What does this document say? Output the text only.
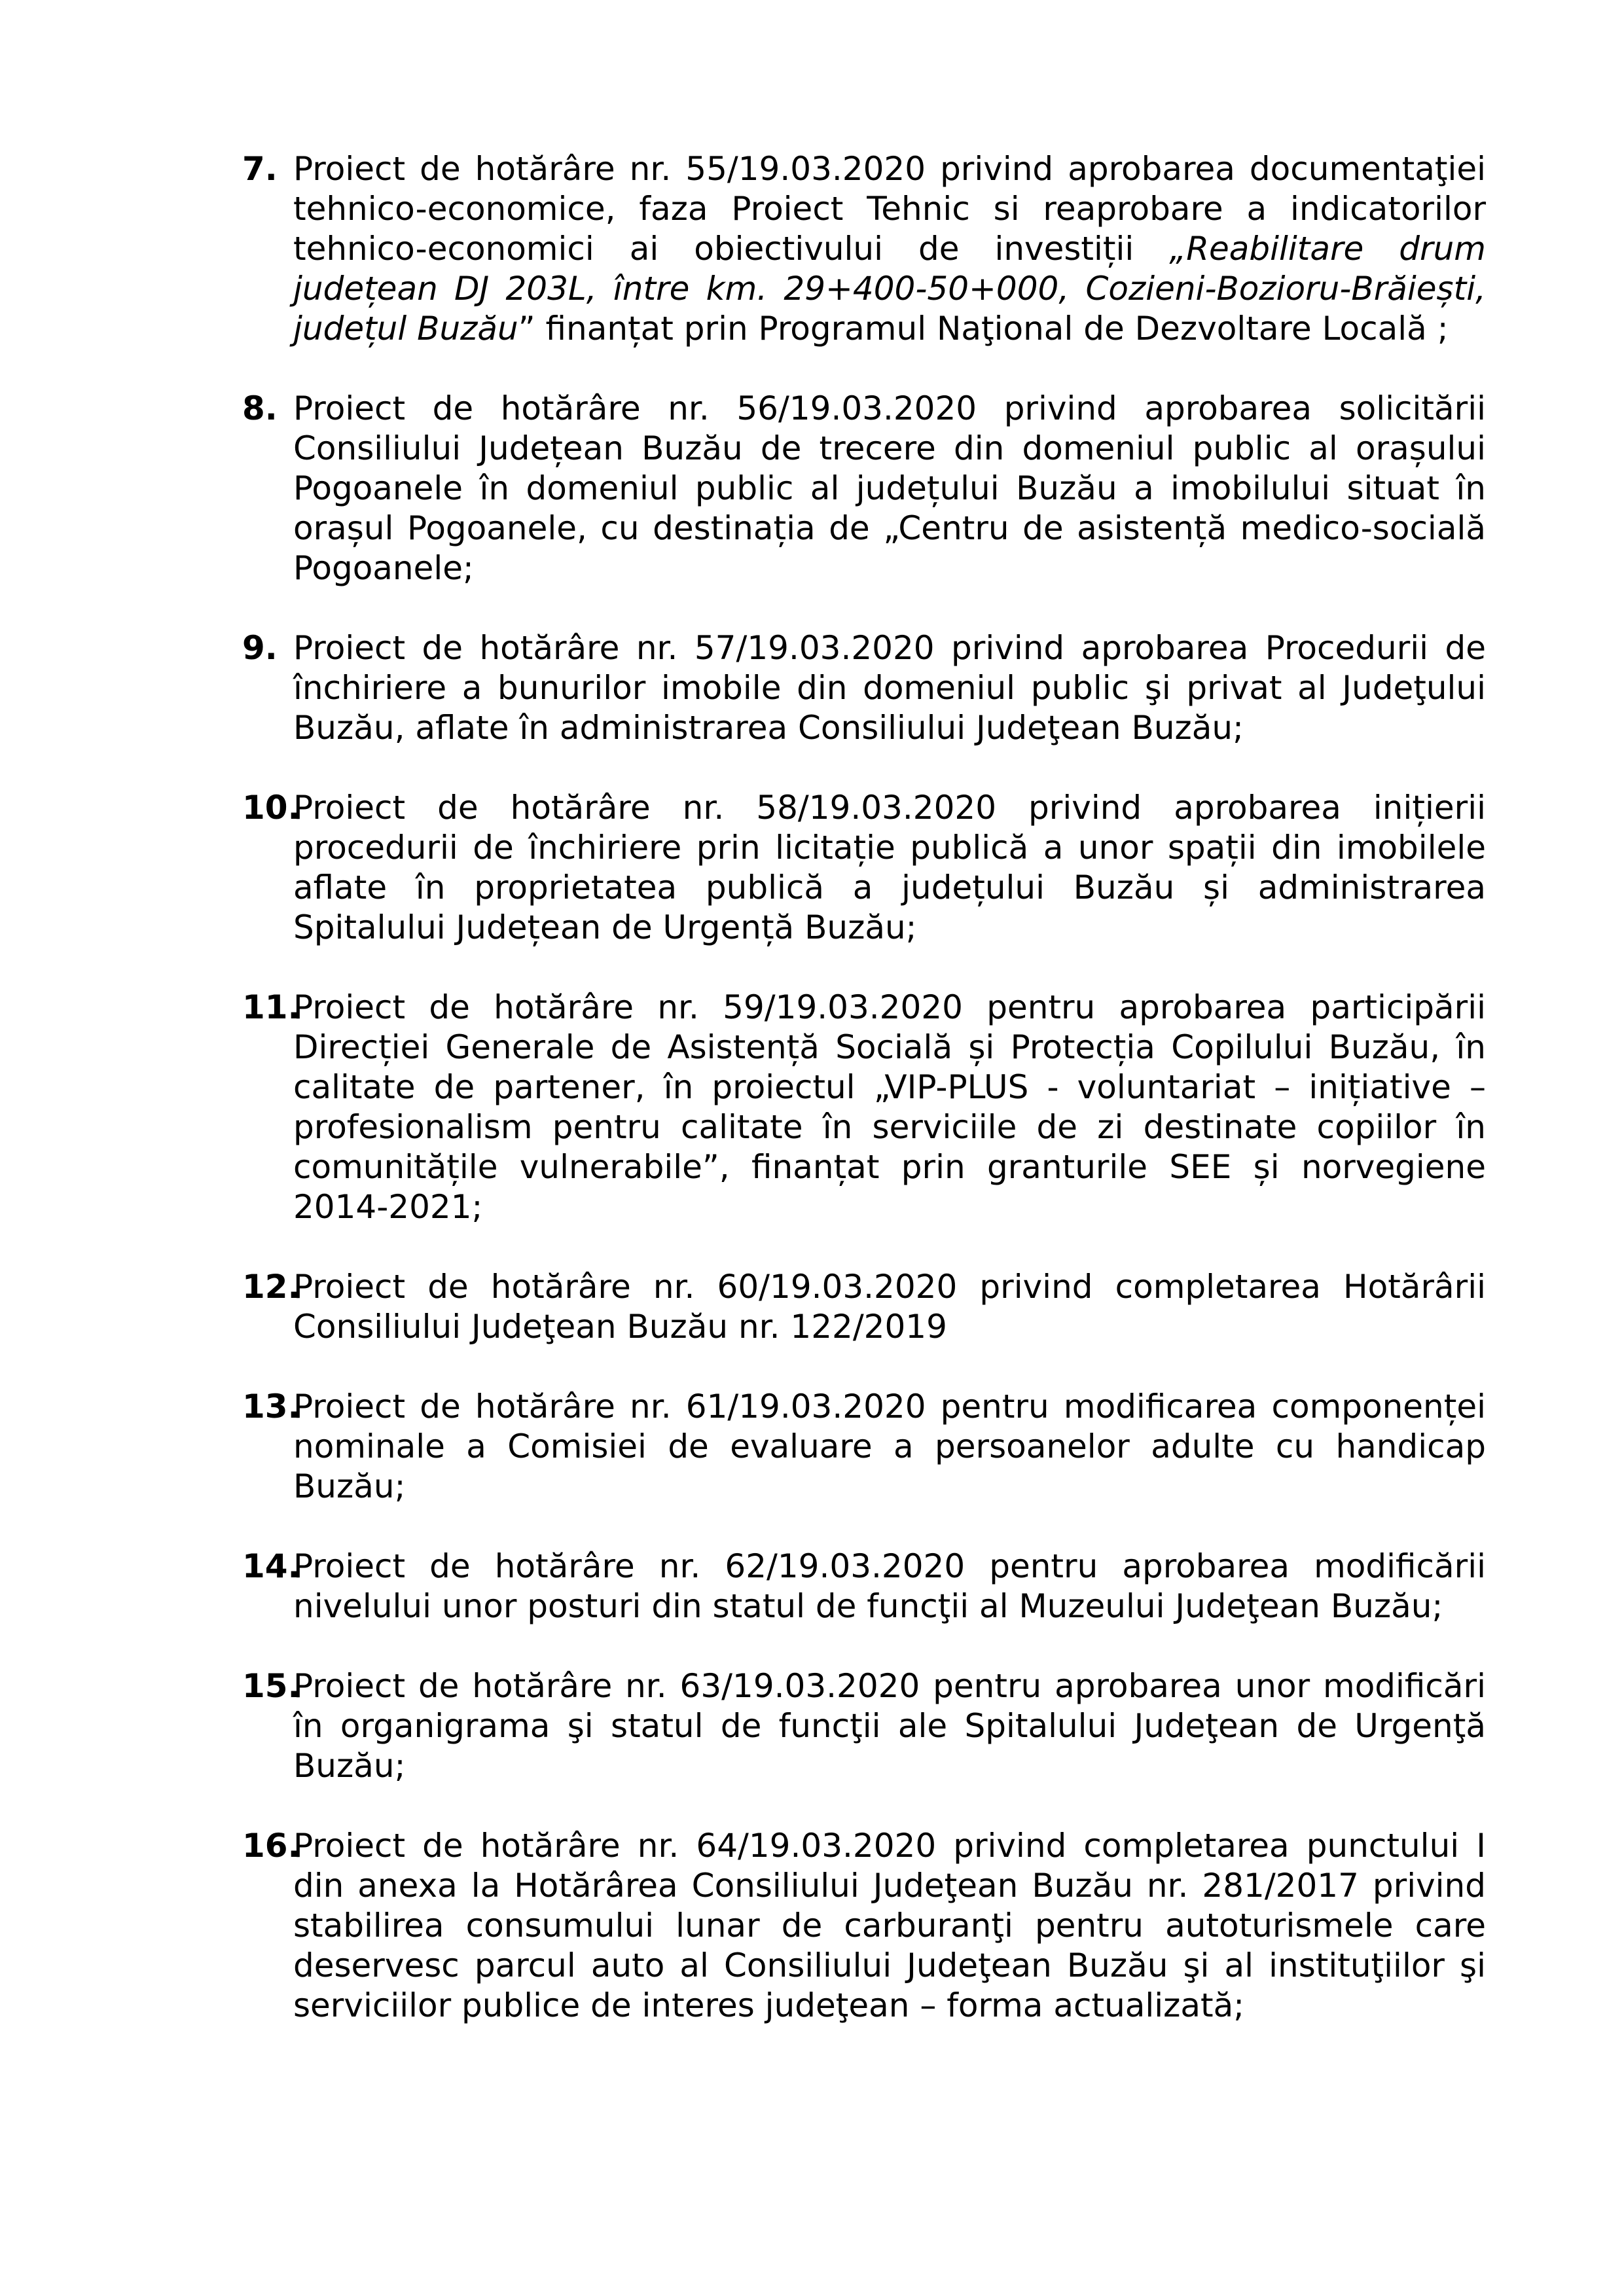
7. Proiect de hotărâre nr. 55/19.03.2020 privind aprobarea documentaţiei tehnico-economice, faza Proiect Tehnic si reaprobare a indicatorilor tehnico-economici ai obiectivului de investiții „Reabilitare drum județean DJ 203L, între km. 29+400-50+000, Cozieni-Bozioru-Brăiești, județul Buzău” finanțat prin Programul Naţional de Dezvoltare Locală ;
8. Proiect de hotărâre nr. 56/19.03.2020 privind aprobarea solicitării Consiliului Județean Buzău de trecere din domeniul public al orașului Pogoanele în domeniul public al județului Buzău a imobilului situat în orașul Pogoanele, cu destinația de „Centru de asistență medico-socială Pogoanele;
9. Proiect de hotărâre nr. 57/19.03.2020 privind aprobarea Procedurii de închiriere a bunurilor imobile din domeniul public şi privat al Judeţului Buzău, aflate în administrarea Consiliului Judeţean Buzău;
10.
Proiect de hotărâre nr. 58/19.03.2020 privind aprobarea inițierii procedurii de închiriere prin licitație publică a unor spații din imobilele aflate în proprietatea publică a județului Buzău și administrarea Spitalului Județean de Urgență Buzău;
11.
Proiect de hotărâre nr. 59/19.03.2020 pentru aprobarea participării Direcției Generale de Asistență Socială și Protecția Copilului Buzău, în calitate de partener, în proiectul „VIP-PLUS - voluntariat – inițiative – profesionalism pentru calitate în serviciile de zi destinate copiilor în comunitățile vulnerabile”, finanțat prin granturile SEE și norvegiene 2014-2021;
12.
Proiect de hotărâre nr. 60/19.03.2020 privind completarea Hotărârii Consiliului Judeţean Buzău nr. 122/2019
13.
Proiect de hotărâre nr. 61/19.03.2020 pentru modificarea componenței nominale a Comisiei de evaluare a persoanelor adulte cu handicap Buzău;
14.
Proiect de hotărâre nr. 62/19.03.2020 pentru aprobarea modificării nivelului unor posturi din statul de funcţii al Muzeului Judeţean Buzău;
15.
Proiect de hotărâre nr. 63/19.03.2020 pentru aprobarea unor modificări în organigrama şi statul de funcţii ale Spitalului Judeţean de Urgenţă Buzău;
16.
Proiect de hotărâre nr. 64/19.03.2020 privind completarea punctului I din anexa la Hotărârea Consiliului Judeţean Buzău nr. 281/2017 privind stabilirea consumului lunar de carburanţi pentru autoturismele care deservesc parcul auto al Consiliului Judeţean Buzău şi al instituţiilor şi serviciilor publice de interes judeţean – forma actualizată;
